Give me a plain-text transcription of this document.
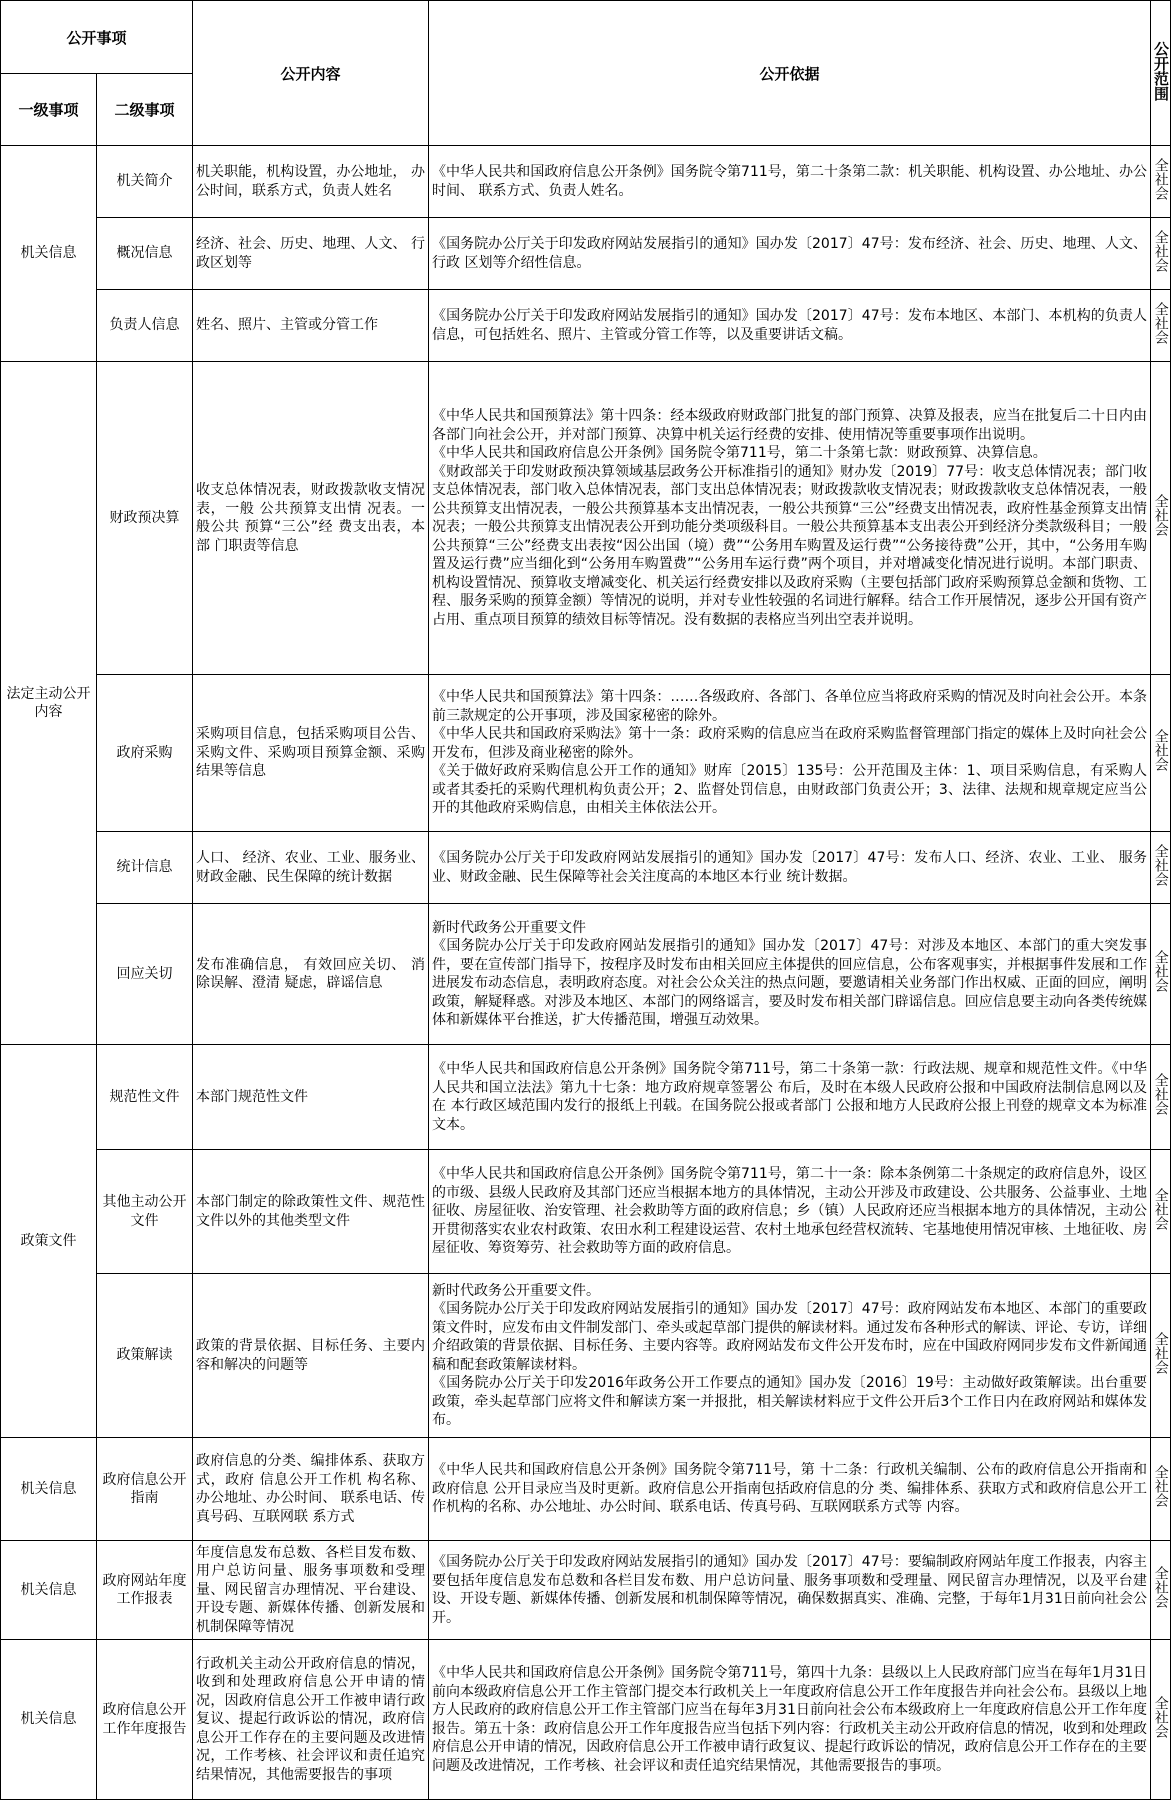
公开事项		公开内容	公开依据	公开范围
一级事项	二级事项			
机关信息	机关简介	机关职能，机构设置，办公地址， 办公时间，联系方式，负责人姓名	《中华人民共和国政府信息公开条例》国务院令第711号，第二十条第二款：机关职能、机构设置、办公地址、办公时间、 联系方式、负责人姓名。	全社会
	概况信息	经济、社会、历史、地理、人文、 行政区划等	《国务院办公厅关于印发政府网站发展指引的通知》国办发〔2017〕47号：发布经济、社会、历史、地理、人文、行政 区划等介绍性信息。	全社会
	负责人信息	姓名、照片、主管或分管工作	《国务院办公厅关于印发政府网站发展指引的通知》国办发〔2017〕47号：发布本地区、本部门、本机构的负责人信息，可包括姓名、照片、主管或分管工作等，以及重要讲话文稿。	全社会
法定主动公开内容	财政预决算	收支总体情况表，财政拨款收支情况表，一般 公共预算支出情 况表。一般公共 预算“三公”经 费支出表，本部 门职责等信息	《中华人民共和国预算法》第十四条：经本级政府财政部门批复的部门预算、决算及报表，应当在批复后二十日内由各部门向社会公开，并对部门预算、决算中机关运行经费的安排、使用情况等重要事项作出说明。
《中华人民共和国政府信息公开条例》国务院令第711号，第二十条第七款：财政预算、决算信息。
《财政部关于印发财政预决算领域基层政务公开标准指引的通知》财办发〔2019〕77号：收支总体情况表；部门收支总体情况表，部门收入总体情况表，部门支出总体情况表；财政拨款收支情况表；财政拨款收支总体情况表，一般公共预算支出情况表，一般公共预算基本支出情况表，一般公共预算“三公”经费支出情况表，政府性基金预算支出情况表；一般公共预算支出情况表公开到功能分类项级科目。一般公共预算基本支出表公开到经济分类款级科目；一般公共预算“三公”经费支出表按“因公出国（境）费”“公务用车购置及运行费”“公务接待费”公开，其中，“公务用车购置及运行费”应当细化到“公务用车购置费”“公务用车运行费”两个项目，并对增减变化情况进行说明。本部门职责、机构设置情况、预算收支增减变化、机关运行经费安排以及政府采购（主要包括部门政府采购预算总金额和货物、工程、服务采购的预算金额）等情况的说明，并对专业性较强的名词进行解释。结合工作开展情况，逐步公开国有资产占用、重点项目预算的绩效目标等情况。没有数据的表格应当列出空表并说明。	全社会
	政府采购	采购项目信息，包括采购项目公告、采购文件、采购项目预算金额、采购结果等信息	《中华人民共和国预算法》第十四条：……各级政府、各部门、各单位应当将政府采购的情况及时向社会公开。本条前三款规定的公开事项，涉及国家秘密的除外。
《中华人民共和国政府采购法》第十一条：政府采购的信息应当在政府采购监督管理部门指定的媒体上及时向社会公开发布，但涉及商业秘密的除外。
《关于做好政府采购信息公开工作的通知》财库〔2015〕135号：公开范围及主体：1、项目采购信息，有采购人或者其委托的采购代理机构负责公开；2、监督处罚信息，由财政部门负责公开；3、法律、法规和规章规定应当公开的其他政府采购信息，由相关主体依法公开。	全社会
	统计信息	人口、 经济、农业、工业、服务业、财政金融、民生保障的统计数据	《国务院办公厅关于印发政府网站发展指引的通知》国办发〔2017〕47号：发布人口、经济、农业、工业、 服务业、财政金融、民生保障等社会关注度高的本地区本行业 统计数据。	全社会
	回应关切	发布准确信息， 有效回应关切、 消除误解、澄清 疑虑，辟谣信息	新时代政务公开重要文件
《国务院办公厅关于印发政府网站发展指引的通知》国办发〔2017〕47号：对涉及本地区、本部门的重大突发事件，要在宣传部门指导下，按程序及时发布由相关回应主体提供的回应信息，公布客观事实，并根据事件发展和工作进展发布动态信息，表明政府态度。对社会公众关注的热点问题，要邀请相关业务部门作出权威、正面的回应，阐明政策，解疑释惑。对涉及本地区、本部门的网络谣言，要及时发布相关部门辟谣信息。回应信息要主动向各类传统媒体和新媒体平台推送，扩大传播范围，增强互动效果。	全社会
政策文件	规范性文件	本部门规范性文件	《中华人民共和国政府信息公开条例》国务院令第711号，第二十条第一款：行政法规、规章和规范性文件。《中华人民共和国立法法》第九十七条：地方政府规章签署公 布后，及时在本级人民政府公报和中国政府法制信息网以及在 本行政区域范围内发行的报纸上刊载。在国务院公报或者部门 公报和地方人民政府公报上刊登的规章文本为标准文本。	全社会
	其他主动公开文件	本部门制定的除政策性文件、规范性文件以外的其他类型文件	《中华人民共和国政府信息公开条例》国务院令第711号，第二十一条：除本条例第二十条规定的政府信息外，设区的市级、县级人民政府及其部门还应当根据本地方的具体情况，主动公开涉及市政建设、公共服务、公益事业、土地征收、房屋征收、治安管理、社会救助等方面的政府信息；乡（镇）人民政府还应当根据本地方的具体情况，主动公开贯彻落实农业农村政策、农田水利工程建设运营、农村土地承包经营权流转、宅基地使用情况审核、土地征收、房屋征收、筹资筹劳、社会救助等方面的政府信息。	全社会
	政策解读	政策的背景依据、目标任务、主要内容和解决的问题等	新时代政务公开重要文件。
《国务院办公厅关于印发政府网站发展指引的通知》国办发〔2017〕47号：政府网站发布本地区、本部门的重要政策文件时，应发布由文件制发部门、牵头或起草部门提供的解读材料。通过发布各种形式的解读、评论、专访，详细介绍政策的背景依据、目标任务、主要内容等。政府网站发布文件公开发布时，应在中国政府网同步发布文件新闻通稿和配套政策解读材料。
《国务院办公厅关于印发2016年政务公开工作要点的通知》国办发〔2016〕19号：主动做好政策解读。出台重要政策，牵头起草部门应将文件和解读方案一并报批，相关解读材料应于文件公开后3个工作日内在政府网站和媒体发布。	全社会
机关信息	政府信息公开指南	政府信息的分类、编排体系、获取方式，政府 信息公开工作机 构名称、办公地址、办公时间、 联系电话、传真号码、互联网联 系方式	《中华人民共和国政府信息公开条例》国务院令第711号，第 十二条：行政机关编制、公布的政府信息公开指南和政府信息 公开目录应当及时更新。政府信息公开指南包括政府信息的分 类、编排体系、获取方式和政府信息公开工作机构的名称、办公地址、办公时间、联系电话、传真号码、互联网联系方式等 内容。	全社会
机关信息	政府网站年度工作报表	年度信息发布总数、各栏目发布数、用户总访问量、服务事项数和受理量、网民留言办理情况、平台建设、开设专题、新媒体传播、创新发展和机制保障等情况	《国务院办公厅关于印发政府网站发展指引的通知》国办发〔2017〕47号：要编制政府网站年度工作报表，内容主要包括年度信息发布总数和各栏目发布数、用户总访问量、服务事项数和受理量、网民留言办理情况，以及平台建设、开设专题、新媒体传播、创新发展和机制保障等情况，确保数据真实、准确、完整，于每年1月31日前向社会公开。	全社会
机关信息	政府信息公开工作年度报告	行政机关主动公开政府信息的情况，收到和处理政府信息公开申请的情况，因政府信息公开工作被申请行政复议、提起行政诉讼的情况，政府信息公开工作存在的主要问题及改进情况，工作考核、社会评议和责任追究结果情况，其他需要报告的事项	《中华人民共和国政府信息公开条例》国务院令第711号，第四十九条：县级以上人民政府部门应当在每年1月31日前向本级政府信息公开工作主管部门提交本行政机关上一年度政府信息公开工作年度报告并向社会公布。县级以上地方人民政府的政府信息公开工作主管部门应当在每年3月31日前向社会公布本级政府上一年度政府信息公开工作年度报告。第五十条：政府信息公开工作年度报告应当包括下列内容：行政机关主动公开政府信息的情况，收到和处理政府信息公开申请的情况，因政府信息公开工作被申请行政复议、提起行政诉讼的情况，政府信息公开工作存在的主要问题及改进情况，工作考核、社会评议和责任追究结果情况，其他需要报告的事项。	全社会
